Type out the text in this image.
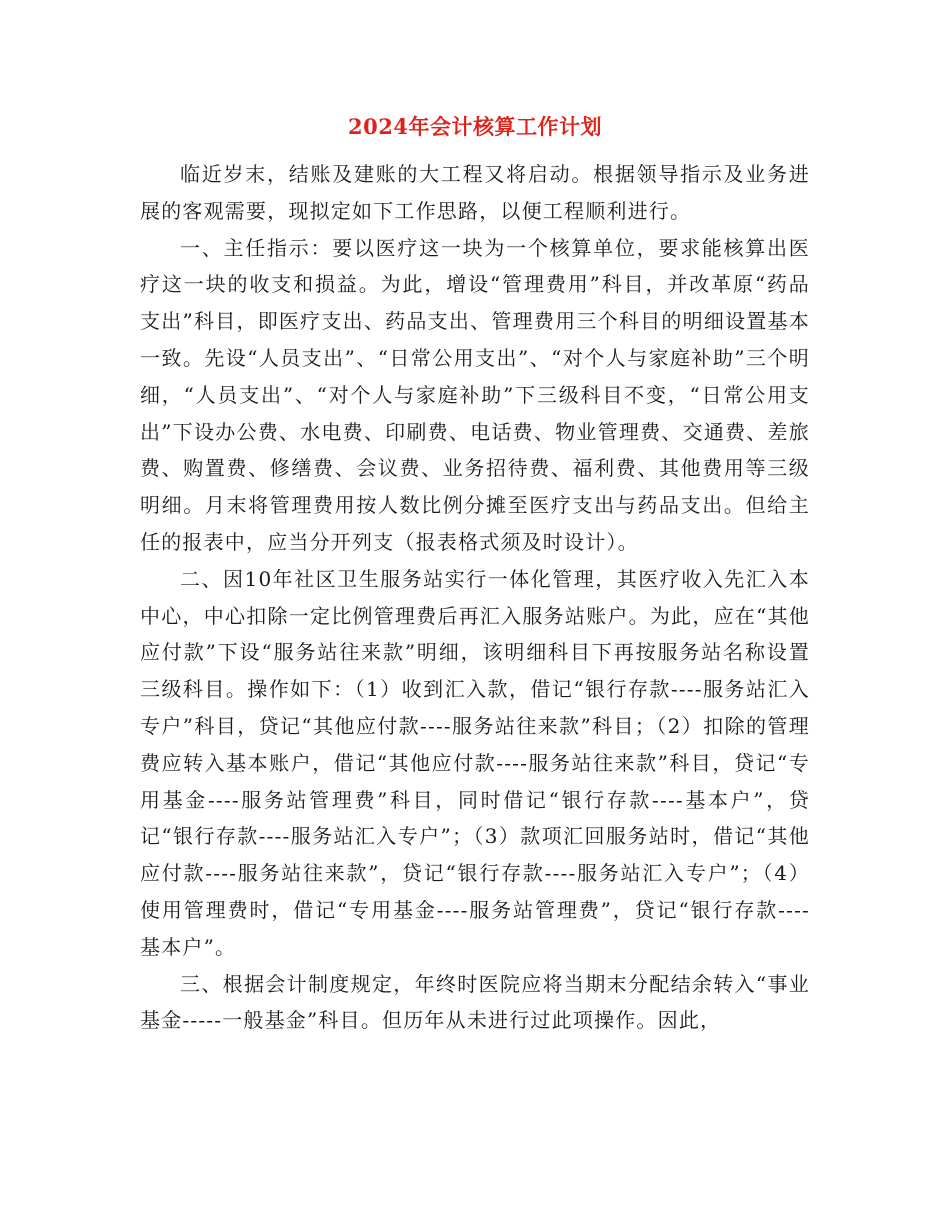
2024年会计核算工作计划

临近岁末，结账及建账的大工程又将启动。根据领导指示及业务进展的客观需要，现拟定如下工作思路，以便工程顺利进行。

一、主任指示：要以医疗这一块为一个核算单位，要求能核算出医疗这一块的收支和损益。为此，增设“管理费用”科目，并改革原“药品支出”科目，即医疗支出、药品支出、管理费用三个科目的明细设置基本一致。先设“人员支出”、“日常公用支出”、“对个人与家庭补助”三个明细，“人员支出”、“对个人与家庭补助”下三级科目不变，“日常公用支出”下设办公费、水电费、印刷费、电话费、物业管理费、交通费、差旅费、购置费、修缮费、会议费、业务招待费、福利费、其他费用等三级明细。月末将管理费用按人数比例分摊至医疗支出与药品支出。但给主任的报表中，应当分开列支（报表格式须及时设计）。

二、因10年社区卫生服务站实行一体化管理，其医疗收入先汇入本中心，中心扣除一定比例管理费后再汇入服务站账户。为此，应在“其他应付款”下设“服务站往来款”明细，该明细科目下再按服务站名称设置三级科目。操作如下：（1）收到汇入款，借记“银行存款----服务站汇入专户”科目，贷记“其他应付款----服务站往来款”科目；（2）扣除的管理费应转入基本账户，借记“其他应付款----服务站往来款”科目，贷记“专用基金----服务站管理费”科目，同时借记“银行存款----基本户”，贷记“银行存款----服务站汇入专户”；（3）款项汇回服务站时，借记“其他应付款----服务站往来款”，贷记“银行存款----服务站汇入专户”；（4）使用管理费时，借记“专用基金----服务站管理费”，贷记“银行存款----基本户”。

三、根据会计制度规定，年终时医院应将当期末分配结余转入“事业基金-----一般基金”科目。但历年从未进行过此项操作。因此，
